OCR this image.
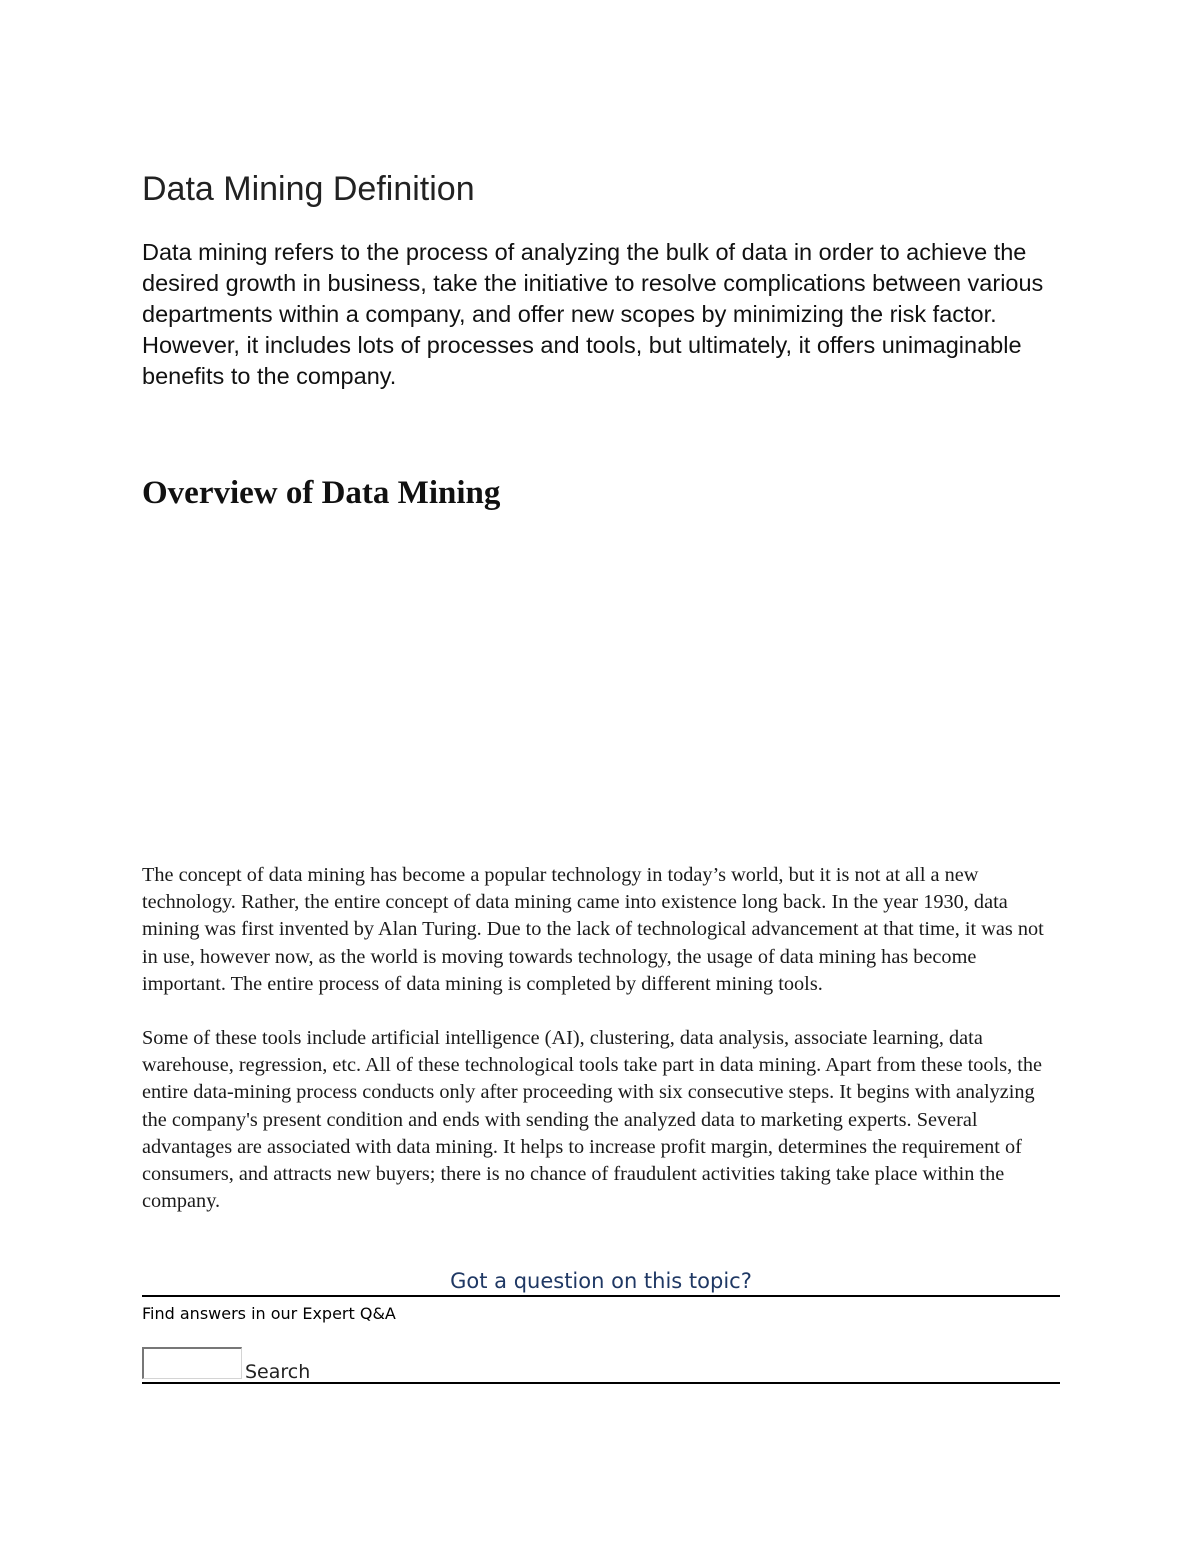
Data Mining Definition

Data mining refers to the process of analyzing the bulk of data in order to achieve the desired growth in business, take the initiative to resolve complications between various departments within a company, and offer new scopes by minimizing the risk factor. However, it includes lots of processes and tools, but ultimately, it offers unimaginable benefits to the company.

Overview of Data Mining

The concept of data mining has become a popular technology in today’s world, but it is not at all a new technology. Rather, the entire concept of data mining came into existence long back. In the year 1930, data mining was first invented by Alan Turing. Due to the lack of technological advancement at that time, it was not in use, however now, as the world is moving towards technology, the usage of data mining has become important. The entire process of data mining is completed by different mining tools.

Some of these tools include artificial intelligence (AI), clustering, data analysis, associate learning, data warehouse, regression, etc. All of these technological tools take part in data mining. Apart from these tools, the entire data-mining process conducts only after proceeding with six consecutive steps. It begins with analyzing the company's present condition and ends with sending the analyzed data to marketing experts. Several advantages are associated with data mining. It helps to increase profit margin, determines the requirement of consumers, and attracts new buyers; there is no chance of fraudulent activities taking take place within the company.

Got a question on this topic?

Find answers in our Expert Q&A

Search
